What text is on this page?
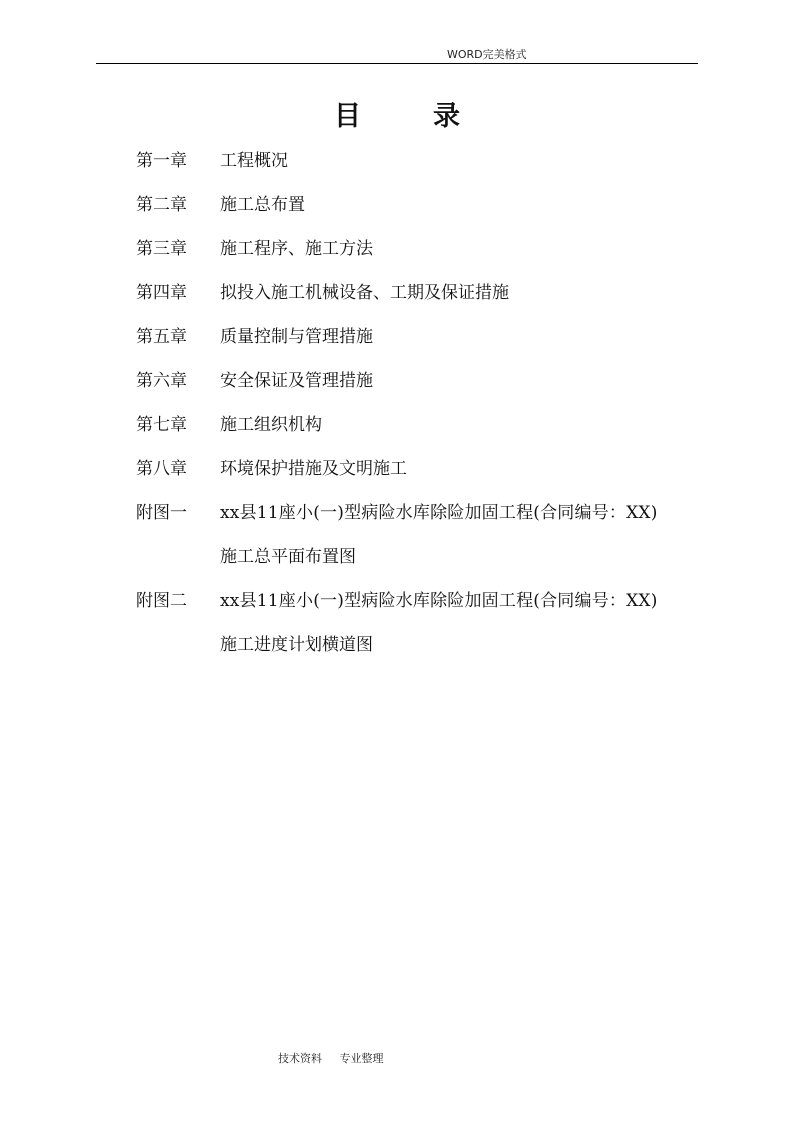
WORD完美格式
目	录
第一章 工程概况
第二章 施工总布置
第三章 施工程序、施工方法
第四章 拟投入施工机械设备、工期及保证措施
第五章 质量控制与管理措施
第六章 安全保证及管理措施
第七章 施工组织机构
第八章 环境保护措施及文明施工
附图一 xx县11座小(一)型病险水库除险加固工程(合同编号：XX)
施工总平面布置图
附图二 xx县11座小(一)型病险水库除险加固工程(合同编号：XX)
施工进度计划横道图
技术资料 专业整理
